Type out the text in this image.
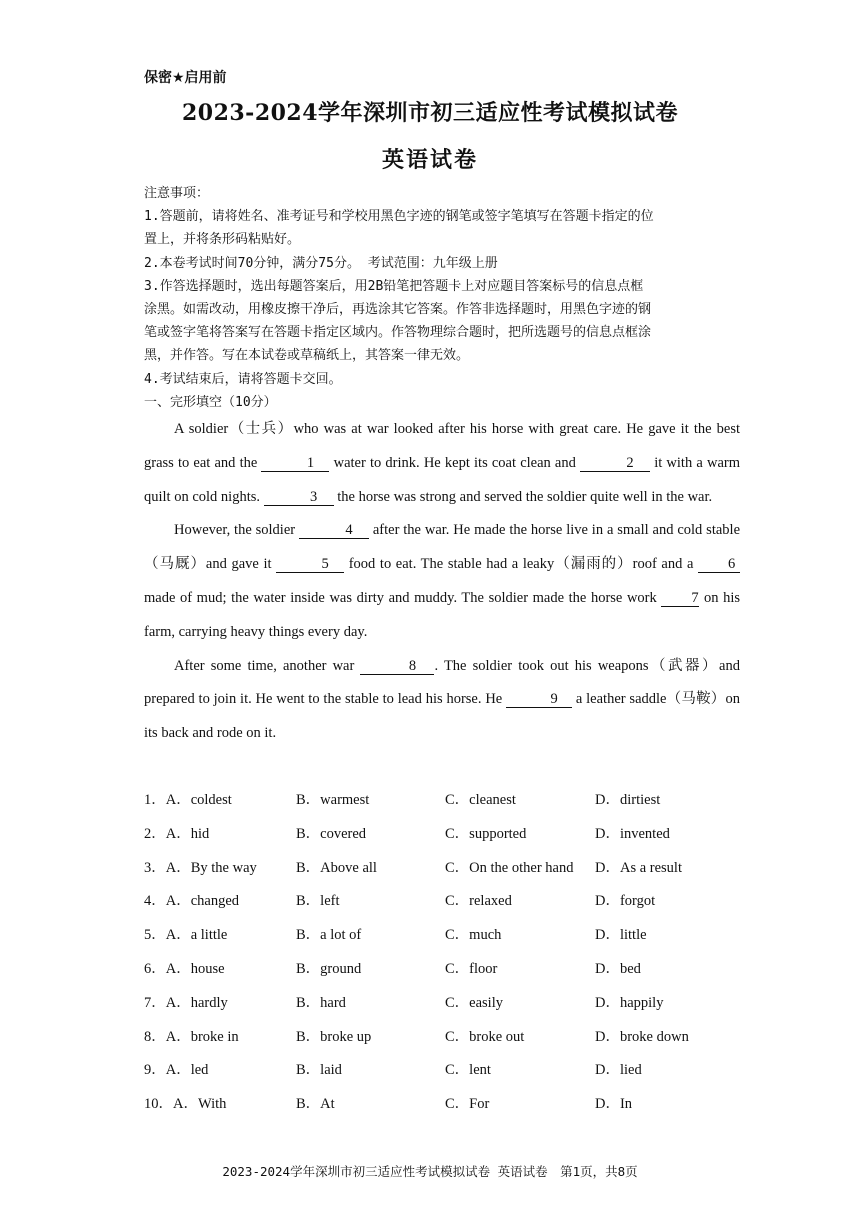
保密★启用前
2023-2024学年深圳市初三适应性考试模拟试卷
英语试卷
注意事项：
1.答题前，请将姓名、准考证号和学校用黑色字迹的钢笔或签字笔填写在答题卡指定的位
置上，并将条形码粘贴好。
2.本卷考试时间70分钟，满分75分。 考试范围：九年级上册
3.作答选择题时，选出每题答案后，用2B铅笔把答题卡上对应题目答案标号的信息点框
涂黑。如需改动，用橡皮擦干净后，再选涂其它答案。作答非选择题时，用黑色字迹的钢
笔或签字笔将答案写在答题卡指定区域内。作答物理综合题时，把所选题号的信息点框涂
黑，并作答。写在本试卷或草稿纸上，其答案一律无效。
4.考试结束后，请将答题卡交回。
一、完形填空（10分）

A soldier（士兵）who was at war looked after his horse with great care. He gave it the best grass to eat and the	1 water to drink. He kept its coat clean and	2 it with a warm quilt on cold nights.	3 the horse was strong and served the soldier quite well in the war.

However, the soldier	4 after the war. He made the horse live in a small and cold stable（马厩）and gave it	5 food to eat. The stable had a leaky（漏雨的）roof and a 6 made of mud; the water inside was dirty and muddy. The soldier made the horse work 7 on his farm, carrying heavy things every day.

After some time, another war	8 . The soldier took out his weapons（武器）and prepared to join it. He went to the stable to lead his horse. He	9 a leather saddle（马鞍）on its back and rode on it.

1．A．coldest	B．warmest	C．cleanest	D．dirtiest
2．A．hid	B．covered	C．supported	D．invented
3．A．By the way	B．Above all	C．On the other hand D．As a result
4．A．changed	B．left	C．relaxed	D．forgot
5．A．a little	B．a lot of	C．much	D．little
6．A．house	B．ground	C．floor	D．bed
7．A．hardly	B．hard	C．easily	D．happily
8．A．broke in	B．broke up	C．broke out	D．broke down
9．A．led	B．laid	C．lent	D．lied
10．A．With	B．At	C．For	D．In
2023-2024学年深圳市初三适应性考试模拟试卷 英语试卷　第1页，共8页
